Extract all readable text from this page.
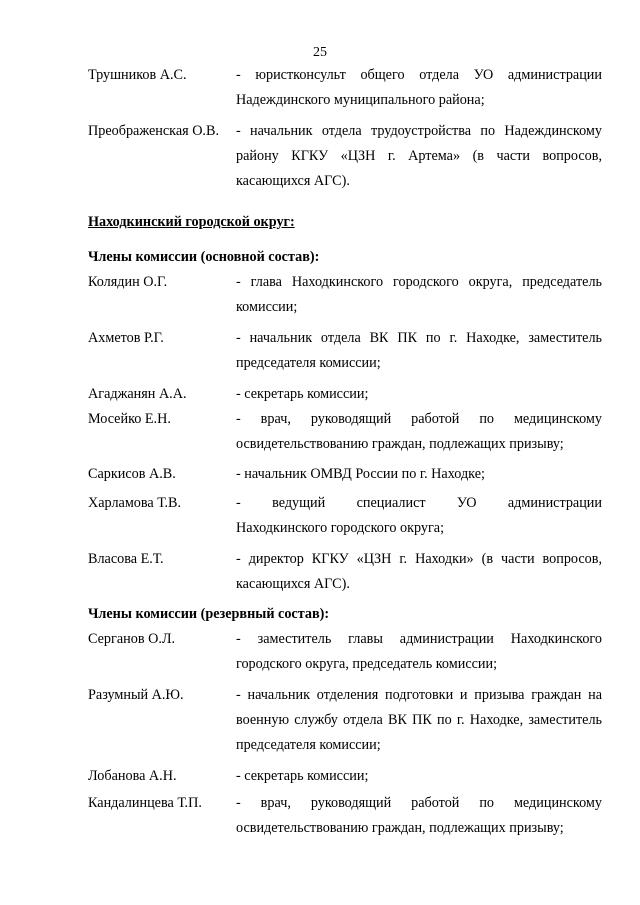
25
Трушников А.С.	- юристконсульт общего отдела УО администрации
Надеждинского муниципального района;
Преображенская О.В.	- начальник отдела трудоустройства по Надеждинскому
району КГКУ «ЦЗН г. Артема» (в части вопросов, касающихся АГС).
Находкинский городской округ:
Члены комиссии (основной состав):
Колядин О.Г.	- глава Находкинского городского округа, председатель
комиссии;
Ахметов Р.Г.	- начальник отдела ВК ПК по г. Находке, заместитель
председателя комиссии;
Агаджанян А.А.	- секретарь комиссии;
Мосейко Е.Н.	- врач, руководящий работой по медицинскому
освидетельствованию граждан, подлежащих призыву;
Саркисов А.В.	- начальник ОМВД России по г. Находке;
Харламова Т.В.	- ведущий специалист УО администрации
Находкинского городского округа;
Власова Е.Т.	- директор КГКУ «ЦЗН г. Находки» (в части вопросов,
касающихся АГС).
Члены комиссии (резервный состав):
Серганов О.Л.	- заместитель главы администрации Находкинского
городского округа, председатель комиссии;
Разумный А.Ю.	- начальник отделения подготовки и призыва граждан на
военную службу отдела ВК ПК по г. Находке, заместитель председателя комиссии;
Лобанова А.Н.	- секретарь комиссии;
Кандалинцева Т.П.	- врач, руководящий работой по медицинскому
освидетельствованию граждан, подлежащих призыву;
